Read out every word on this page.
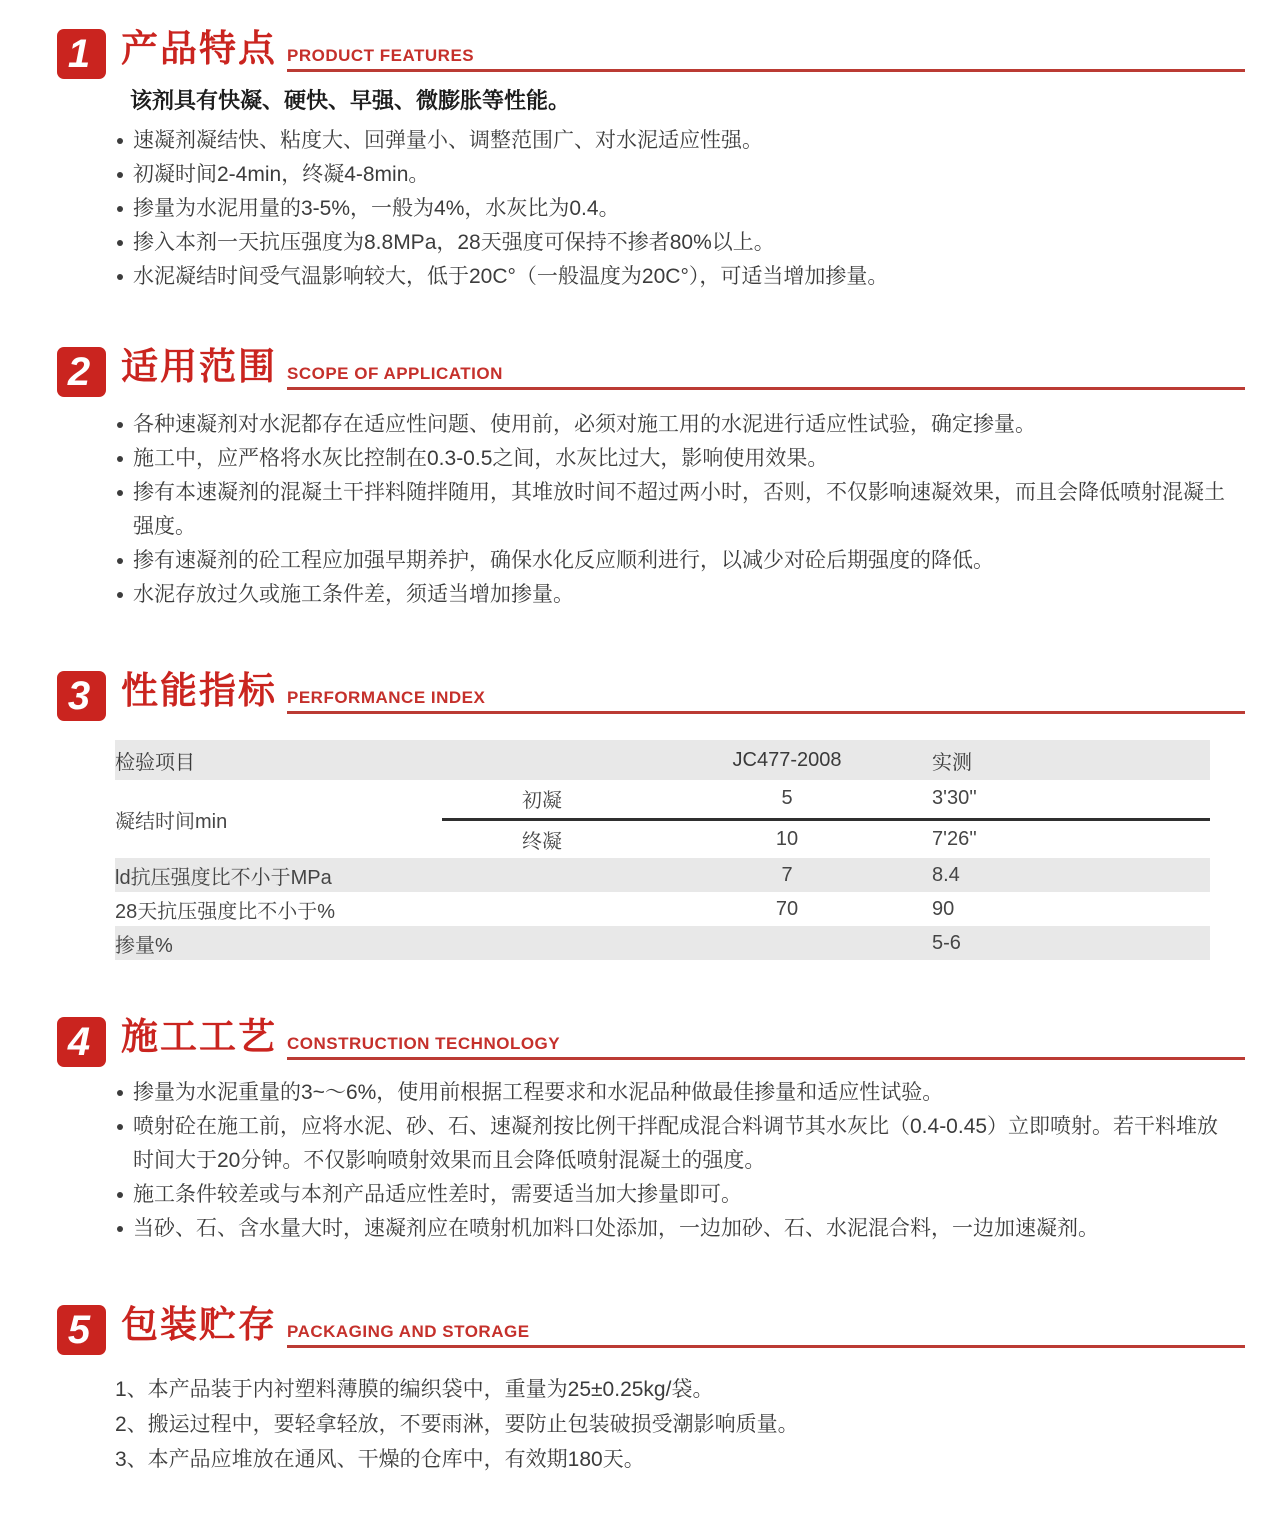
1 产品特点 PRODUCT FEATURES

该剂具有快凝、硬快、早强、微膨胀等性能。

速凝剂凝结快、粘度大、回弹量小、调整范围广、对水泥适应性强。
初凝时间2-4min，终凝4-8min。
掺量为水泥用量的3-5%，一般为4%，水灰比为0.4。
掺入本剂一天抗压强度为8.8MPa，28天强度可保持不掺者80%以上。
水泥凝结时间受气温影响较大，低于20C°（一般温度为20C°），可适当增加掺量。
2 适用范围 SCOPE OF APPLICATION
各种速凝剂对水泥都存在适应性问题、使用前，必须对施工用的水泥进行适应性试验，确定掺量。
施工中，应严格将水灰比控制在0.3-0.5之间，水灰比过大，影响使用效果。
掺有本速凝剂的混凝土干拌料随拌随用，其堆放时间不超过两小时，否则，不仅影响速凝效果，而且会降低喷射混凝土强度。
掺有速凝剂的砼工程应加强早期养护，确保水化反应顺利进行，以减少对砼后期强度的降低。
水泥存放过久或施工条件差，须适当增加掺量。
3 性能指标 PERFORMANCE INDEX
检验项目		JC477-2008	实测
凝结时间min	初凝	5	3'30''
	终凝	10	7'26''
ld抗压强度比不小于MPa		7	8.4
28天抗压强度比不小于%		70	90
掺量%			5-6
4 施工工艺 CONSTRUCTION TECHNOLOGY
掺量为水泥重量的3~～6%，使用前根据工程要求和水泥品种做最佳掺量和适应性试验。
喷射砼在施工前，应将水泥、砂、石、速凝剂按比例干拌配成混合料调节其水灰比（0.4-0.45）立即喷射。若干料堆放时间大于20分钟。不仅影响喷射效果而且会降低喷射混凝土的强度。
施工条件较差或与本剂产品适应性差时，需要适当加大掺量即可。
当砂、石、含水量大时，速凝剂应在喷射机加料口处添加，一边加砂、石、水泥混合料，一边加速凝剂。
5 包装贮存 PACKAGING AND STORAGE

1、本产品装于内衬塑料薄膜的编织袋中，重量为25±0.25kg/袋。

2、搬运过程中，要轻拿轻放，不要雨淋，要防止包装破损受潮影响质量。

3、本产品应堆放在通风、干燥的仓库中，有效期180天。
